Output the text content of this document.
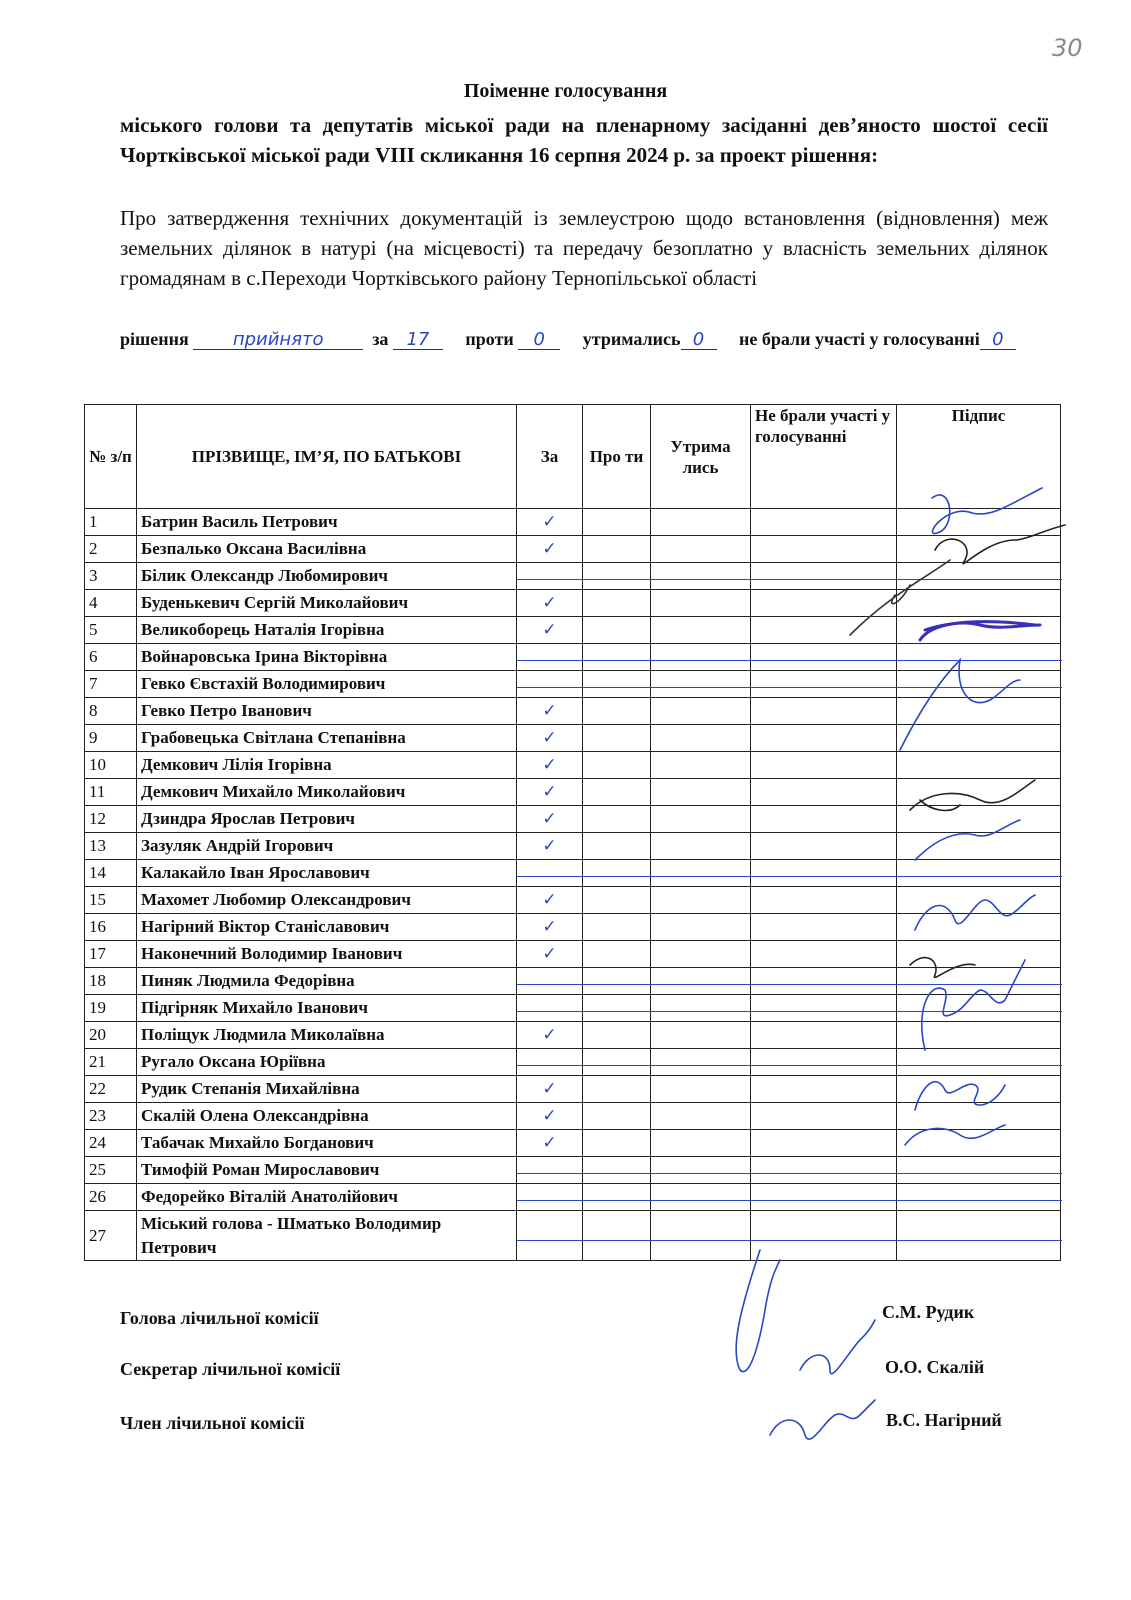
30
Поіменне голосування
міського голови та депутатів міської ради на пленарному засіданні дев’яносто шостої сесії Чортківської міської ради VIII скликання 16 серпня 2024 р. за проект рішення:
Про затвердження технічних документацій із землеустрою щодо встановлення (відновлення) меж земельних ділянок в натурі (на місцевості) та передачу безоплатно у власність земельних ділянок громадянам в с.Переходи Чортківського району Тернопільської області
рішення прийнято	за 17 проти 0 утримались 0 не брали участі у голосуванні 0
№ з/п	ПРІЗВИЩЕ, ІМ’Я, ПО БАТЬКОВІ	За	Про ти	Утрима лись	Не брали участі у голосуванні	Підпис
1	Батрин Василь Петрович	✓				
2	Безпалько Оксана Василівна	✓				
3	Білик Олександр Любомирович					
4	Буденькевич Сергій Миколайович	✓				
5	Великоборець Наталія Ігорівна	✓				
6	Войнаровська Ірина Вікторівна					
7	Гевко Євстахій Володимирович					
8	Гевко Петро Іванович	✓				
9	Грабовецька Світлана Степанівна	✓				
10	Демкович Лілія Ігорівна	✓				
11	Демкович Михайло Миколайович	✓				
12	Дзиндра Ярослав Петрович	✓				
13	Зазуляк Андрій Ігорович	✓				
14	Калакайло Іван Ярославович					
15	Махомет Любомир Олександрович	✓				
16	Нагірний Віктор Станіславович	✓				
17	Наконечний Володимир Іванович	✓				
18	Пиняк Людмила Федорівна					
19	Підгірняк Михайло Іванович					
20	Поліщук Людмила Миколаївна	✓				
21	Ругало Оксана Юріївна					
22	Рудик Степанія Михайлівна	✓				
23	Скалій Олена Олександрівна	✓				
24	Табачак Михайло Богданович	✓				
25	Тимофій Роман Мирославович					
26	Федорейко Віталій Анатолійович					
27	Міський голова - Шматько Володимир Петрович					
Голова лічильної комісії	С.М. Рудик
Секретар лічильної комісії	О.О. Скалій
Член лічильної комісії	В.С. Нагірний
